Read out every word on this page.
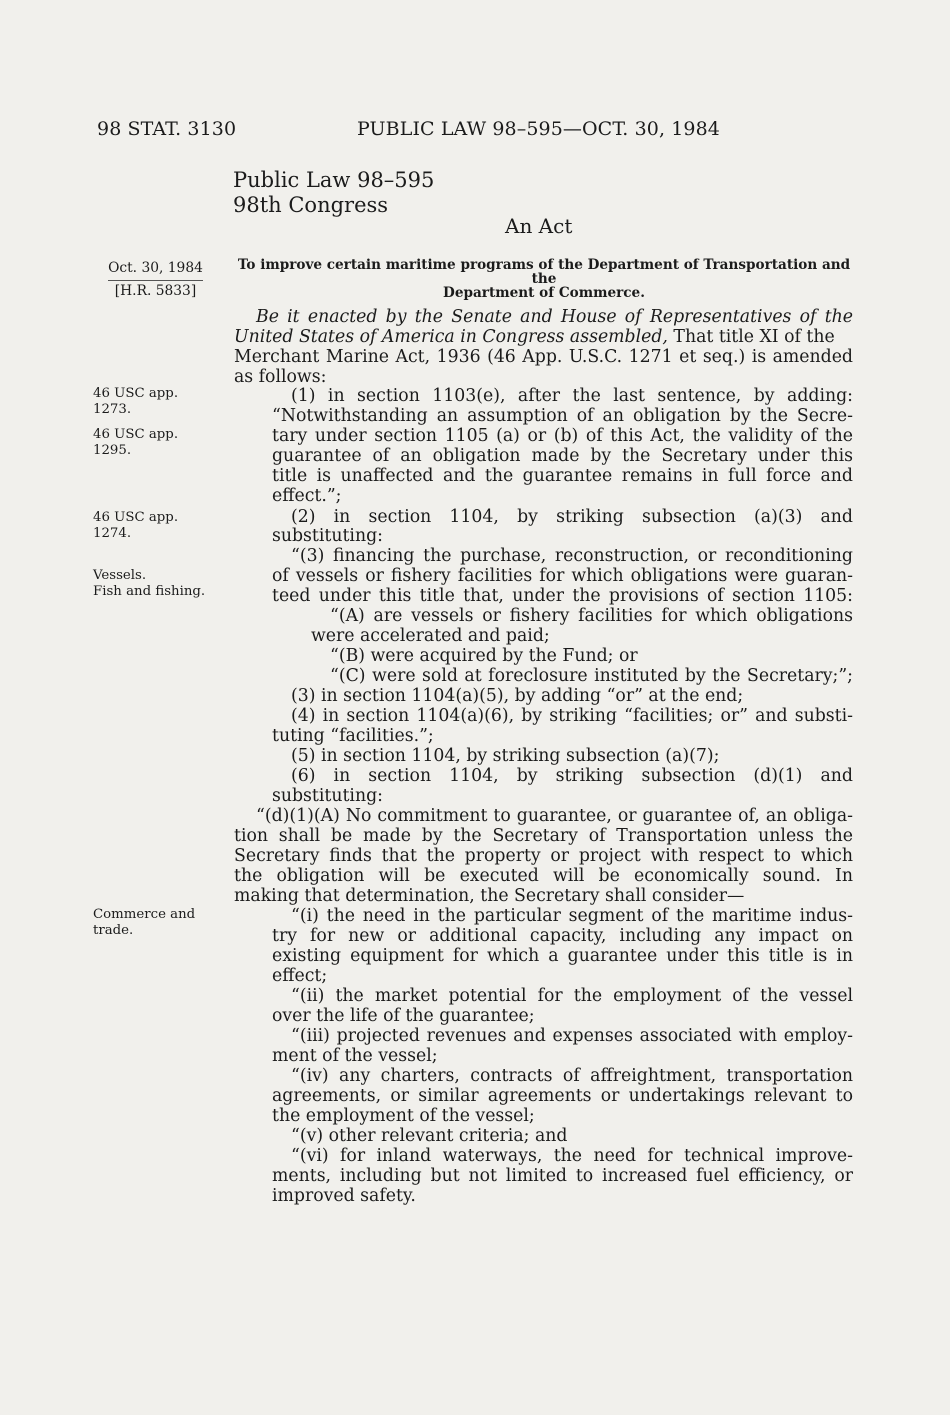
98 STAT. 3130	PUBLIC LAW 98–595—OCT. 30, 1984
Public Law 98–595
98th Congress
An Act
Oct. 30, 1984
[H.R. 5833]
To improve certain maritime programs of the Department of Transportation and the
Department of Commerce.
46 USC app.
1273.
46 USC app.
1295.
46 USC app.
1274.
Vessels.
Fish and fishing.
Commerce and
trade.
Be it enacted by the Senate and House of Representatives of the
United States of America in Congress assembled, That title XI of the
Merchant Marine Act, 1936 (46 App. U.S.C. 1271 et seq.) is amended
as follows:
(1) in section 1103(e), after the last sentence, by adding:
“Notwithstanding an assumption of an obligation by the Secre-
tary under section 1105 (a) or (b) of this Act, the validity of the
guarantee of an obligation made by the Secretary under this
title is unaffected and the guarantee remains in full force and
effect.”;
(2) in section 1104, by striking subsection (a)(3) and
substituting:
“(3) financing the purchase, reconstruction, or reconditioning
of vessels or fishery facilities for which obligations were guaran-
teed under this title that, under the provisions of section 1105:
“(A) are vessels or fishery facilities for which obligations
were accelerated and paid;
“(B) were acquired by the Fund; or
“(C) were sold at foreclosure instituted by the Secretary;”;
(3) in section 1104(a)(5), by adding “or” at the end;
(4) in section 1104(a)(6), by striking “facilities; or” and substi-
tuting “facilities.”;
(5) in section 1104, by striking subsection (a)(7);
(6) in section 1104, by striking subsection (d)(1) and
substituting:
“(d)(1)(A) No commitment to guarantee, or guarantee of, an obliga-
tion shall be made by the Secretary of Transportation unless the
Secretary finds that the property or project with respect to which
the obligation will be executed will be economically sound. In
making that determination, the Secretary shall consider—
“(i) the need in the particular segment of the maritime indus-
try for new or additional capacity, including any impact on
existing equipment for which a guarantee under this title is in
effect;
“(ii) the market potential for the employment of the vessel
over the life of the guarantee;
“(iii) projected revenues and expenses associated with employ-
ment of the vessel;
“(iv) any charters, contracts of affreightment, transportation
agreements, or similar agreements or undertakings relevant to
the employment of the vessel;
“(v) other relevant criteria; and
“(vi) for inland waterways, the need for technical improve-
ments, including but not limited to increased fuel efficiency, or
improved safety.
